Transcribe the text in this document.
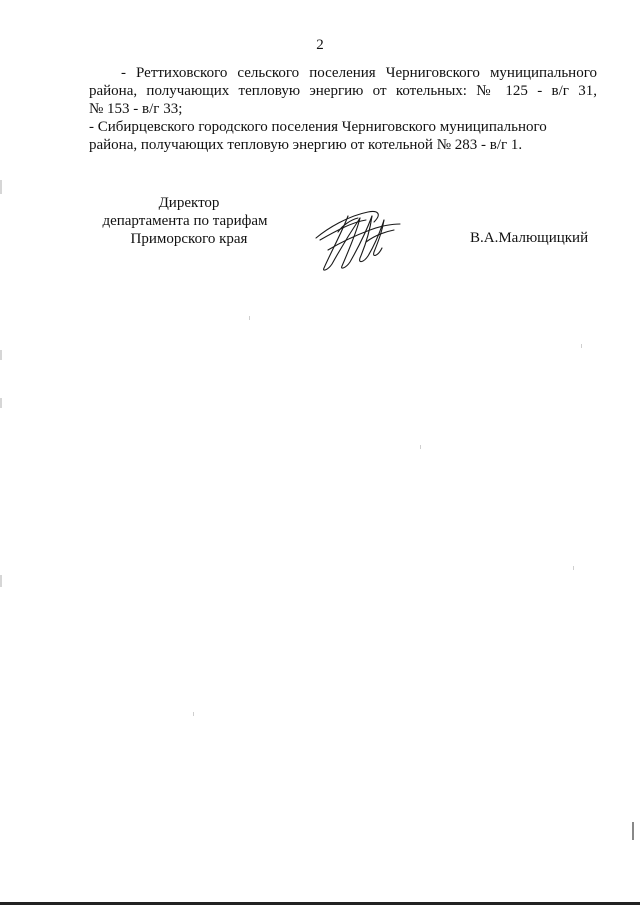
2
- Реттиховского сельского поселения Черниговского муниципального
района, получающих тепловую энергию от котельных: № 125 - в/г 31,
№ 153 - в/г 33;
- Сибирцевского городского поселения Черниговского муниципального
района, получающих тепловую энергию от котельной № 283 - в/г 1.
Директор
департамента по тарифам
Приморского края	В.А.Малющицкий
